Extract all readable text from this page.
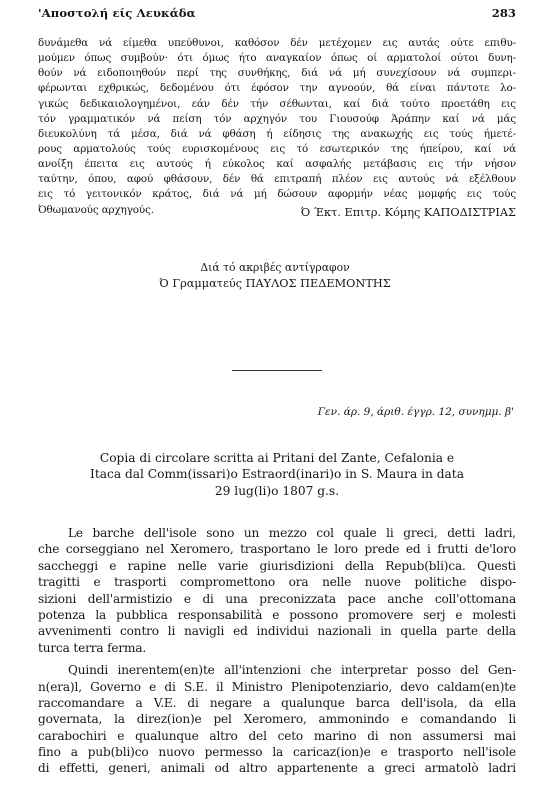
'Αποστολή είς Λευκάδα	283
δυνάμεθα νά είμεθα υπεύθυνοι, καθόσον δέν μετέχομεν εις αυτάς ούτε επιθυ-
μούμεν όπως συμβούν· ότι όμως ήτο αναγκαίον όπως οί αρματολοί ούτοι δυνη-
θούν νά ειδοποιηθούν περί της συνθήκης, διά νά μή συνεχίσουν νά συμπερι-
φέρωνται εχθρικώς, δεδομένου ότι έφόσον την αγνοούν, θά είναι πάντοτε λο-
γικώς δεδικαιολογημένοι, εάν δέν τήν σέθωνται, καί διά τούτο προετάθη εις
τόν γραμματικόν νά πείση τόν αρχηγόν του Γιουσούφ Άράπην καί νά μάς
διευκολύνη τά μέσα, διά νά φθάση ή είδησις της ανακωχής εις τούς ήμετέ-
ρους αρματολούς τούς ευρισκομένους εις τό εσωτερικόν της ήπείρου, καί νά
ανοίξη έπειτα εις αυτούς ή εύκολος καί ασφαλής μετάβασις εις τήν νήσον
ταύτην, όπου, αφού φθάσουν, δέν θά επιτραπή πλέον εις αυτούς νά εξέλθουν
εις τό γειτονικόν κράτος, διά νά μή δώσουν αφορμήν νέας μομφής εις τούς
Όθωμανούς αρχηγούς.	Ό Έκτ. Επιτρ. Κόμης ΚΑΠΟΔΙΣΤΡΙΑΣ
Διά τό ακριβές αντίγραφον
Ό Γραμματεύς ΠΑΥΛΟΣ ΠΕΔΕΜΟΝΤΗΣ
Γεν. άρ. 9, άριθ. έγγρ. 12, συνημμ. β'
Copia di circolare scritta ai Pritani del Zante, Cefalonia e
Itaca dal Comm(issari)o Estraord(inari)o in S. Maura in data
29 lug(li)o 1807 g.s.
Le barche dell'isole sono un mezzo col quale li greci, detti ladri,
che corseggiano nel Xeromero, trasportano le loro prede ed i frutti de'loro
saccheggi e rapine nelle varie giurisdizioni della Repub(bli)ca. Questi
tragitti e trasporti compromettono ora nelle nuove politiche dispo-
sizioni dell'armistizio e di una preconizzata pace anche coll'ottomana
potenza la pubblica responsabilità e possono promovere serj e molesti
avvenimenti contro li navigli ed individui nazionali in quella parte della
turca terra ferma.
Quindi inerentem(en)te all'intenzioni che interpretar posso del Gen-
n(era)l, Governo e di S.E. il Ministro Plenipotenziario, devo caldam(en)te
raccomandare a V.E. di negare a qualunque barca dell'isola, da ella
governata, la direz(ion)e pel Xeromero, ammonindo e comandando li
carabochiri e qualunque altro del ceto marino di non assumersi mai
fino a pub(bli)co nuovo permesso la caricaz(ion)e e trasporto nell'isole
di effetti, generi, animali od altro appartenente a greci armatolò ladri
